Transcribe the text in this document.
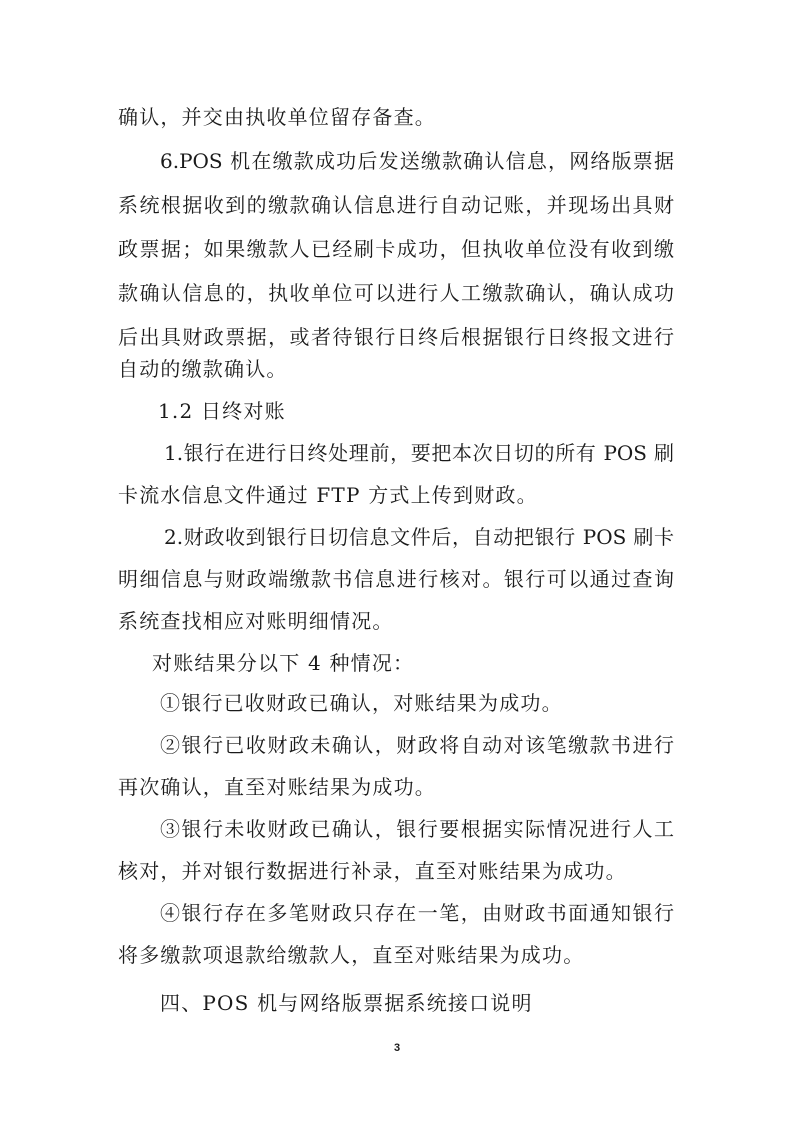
确认，并交由执收单位留存备查。
6.POS 机在缴款成功后发送缴款确认信息，网络版票据
系统根据收到的缴款确认信息进行自动记账，并现场出具财
政票据；如果缴款人已经刷卡成功，但执收单位没有收到缴
款确认信息的，执收单位可以进行人工缴款确认，确认成功
后出具财政票据，或者待银行日终后根据银行日终报文进行
自动的缴款确认。
1.2 日终对账
1.银行在进行日终处理前，要把本次日切的所有 POS 刷
卡流水信息文件通过 FTP 方式上传到财政。
2.财政收到银行日切信息文件后，自动把银行 POS 刷卡
明细信息与财政端缴款书信息进行核对。银行可以通过查询
系统查找相应对账明细情况。
对账结果分以下 4 种情况：
①银行已收财政已确认，对账结果为成功。
②银行已收财政未确认，财政将自动对该笔缴款书进行
再次确认，直至对账结果为成功。
③银行未收财政已确认，银行要根据实际情况进行人工
核对，并对银行数据进行补录，直至对账结果为成功。
④银行存在多笔财政只存在一笔，由财政书面通知银行
将多缴款项退款给缴款人，直至对账结果为成功。
四、POS 机与网络版票据系统接口说明
3
